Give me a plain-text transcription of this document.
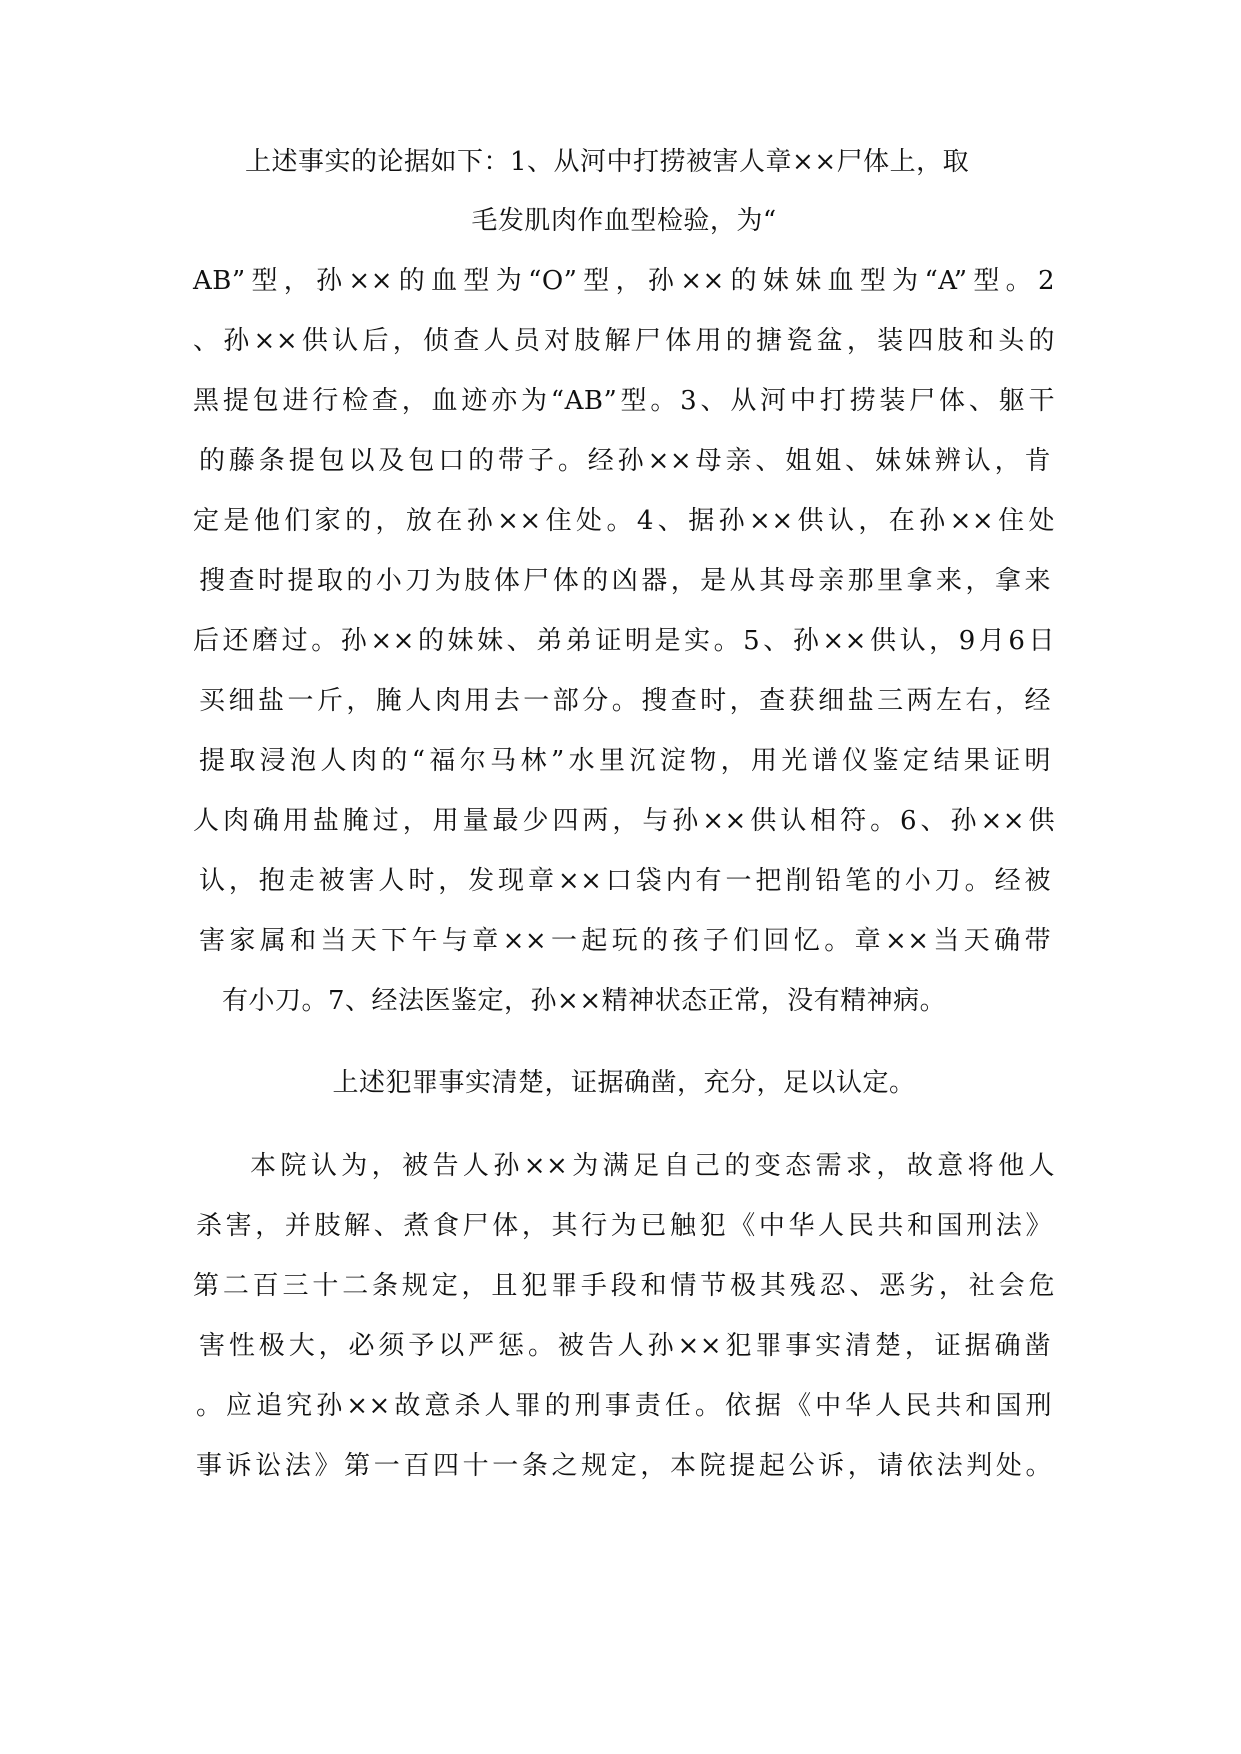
上述事实的论据如下：1、从河中打捞被害人章××尸体上，取
毛发肌肉作血型检验，为“
AB”型，孙××的血型为“O”型，孙××的妹妹血型为“A”型。2
、孙××供认后，侦查人员对肢解尸体用的搪瓷盆，装四肢和头的
黑提包进行检查，血迹亦为“AB”型。3、从河中打捞装尸体、躯干
的藤条提包以及包口的带子。经孙××母亲、姐姐、妹妹辨认，肯
定是他们家的，放在孙××住处。4、据孙××供认，在孙××住处
搜查时提取的小刀为肢体尸体的凶器，是从其母亲那里拿来，拿来
后还磨过。孙××的妹妹、弟弟证明是实。5、孙××供认，9月6日
买细盐一斤，腌人肉用去一部分。搜查时，查获细盐三两左右，经
提取浸泡人肉的“福尔马林”水里沉淀物，用光谱仪鉴定结果证明
人肉确用盐腌过，用量最少四两，与孙××供认相符。6、孙××供
认，抱走被害人时，发现章××口袋内有一把削铅笔的小刀。经被
害家属和当天下午与章××一起玩的孩子们回忆。章××当天确带
有小刀。7、经法医鉴定，孙××精神状态正常，没有精神病。
上述犯罪事实清楚，证据确凿，充分，足以认定。
本院认为，被告人孙××为满足自己的变态需求，故意将他人
杀害，并肢解、煮食尸体，其行为已触犯《中华人民共和国刑法》
第二百三十二条规定，且犯罪手段和情节极其残忍、恶劣，社会危
害性极大，必须予以严惩。被告人孙××犯罪事实清楚，证据确凿
。应追究孙××故意杀人罪的刑事责任。依据《中华人民共和国刑
事诉讼法》第一百四十一条之规定，本院提起公诉，请依法判处。
